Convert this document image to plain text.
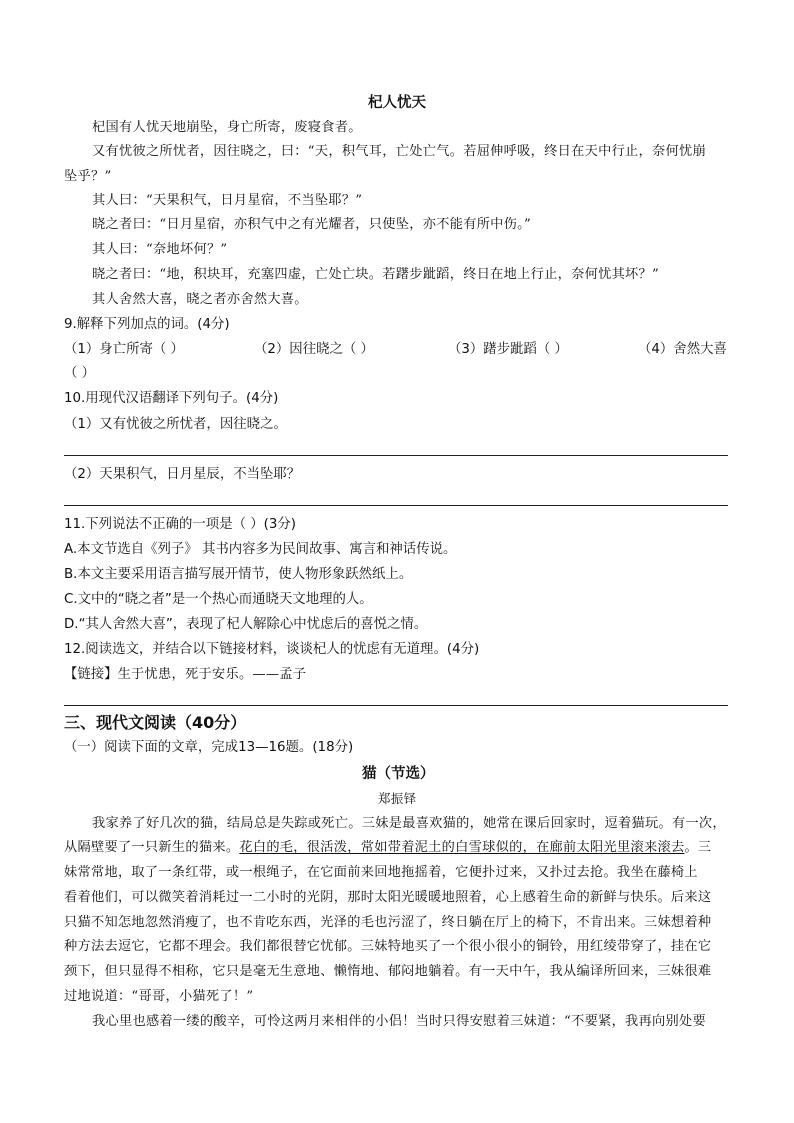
杞人忧天
杞国有人忧天地崩坠，身亡所寄，废寝食者。
又有忧彼之所忧者，因往晓之，曰：“天，积气耳，亡处亡气。若屈伸呼吸，终日在天中行止，奈何忧崩
坠乎？”
其人曰：“天果积气，日月星宿，不当坠耶？”
晓之者曰：“日月星宿，亦积气中之有光耀者，只使坠，亦不能有所中伤。”
其人曰：“奈地坏何？”
晓之者曰：“地，积块耳，充塞四虚，亡处亡块。若躇步跐蹈，终日在地上行止，奈何忧其坏？”
其人舍然大喜，晓之者亦舍然大喜。
9.解释下列加点的词。(4分)
（1）身亡所寄（ ）	（2）因往晓之（ ）	（3）躇步跐蹈（ ）	（4）舍然大喜
（ ）
10.用现代汉语翻译下列句子。(4分)
（1）又有忧彼之所忧者，因往晓之。
（2）天果积气，日月星辰，不当坠耶？
11.下列说法不正确的一项是（ ）(3分)
A.本文节选自《列子》 其书内容多为民间故事、寓言和神话传说。
B.本文主要采用语言描写展开情节，使人物形象跃然纸上。
C.文中的“晓之者”是一个热心而通晓天文地理的人。
D.“其人舍然大喜”，表现了杞人解除心中忧虑后的喜悦之情。
12.阅读选文，并结合以下链接材料，谈谈杞人的忧虑有无道理。(4分)
【链接】生于忧患，死于安乐。——孟子
三、现代文阅读（40分）
（一）阅读下面的文章，完成13—16题。(18分)
猫（节选）
郑振铎
我家养了好几次的猫，结局总是失踪或死亡。三妹是最喜欢猫的，她常在课后回家时，逗着猫玩。有一次，
从隔壁要了一只新生的猫来。花白的毛，很活泼，常如带着泥土的白雪球似的，在廊前太阳光里滚来滚去。三
妹常常地，取了一条红带，或一根绳子，在它面前来回地拖摇着，它便扑过来，又扑过去抢。我坐在藤椅上
看着他们，可以微笑着消耗过一二小时的光阴，那时太阳光暖暖地照着，心上感着生命的新鲜与快乐。后来这
只猫不知怎地忽然消瘦了，也不肯吃东西，光泽的毛也污涩了，终日躺在厅上的椅下，不肯出来。三妹想着种
种方法去逗它，它都不理会。我们都很替它忧郁。三妹特地买了一个很小很小的铜铃，用红绫带穿了，挂在它
颈下，但只显得不相称，它只是毫无生意地、懒惰地、郁闷地躺着。有一天中午，我从编译所回来，三妹很难
过地说道：“哥哥，小猫死了！”
我心里也感着一缕的酸辛，可怜这两月来相伴的小侣！当时只得安慰着三妹道：“不要紧，我再向别处要
